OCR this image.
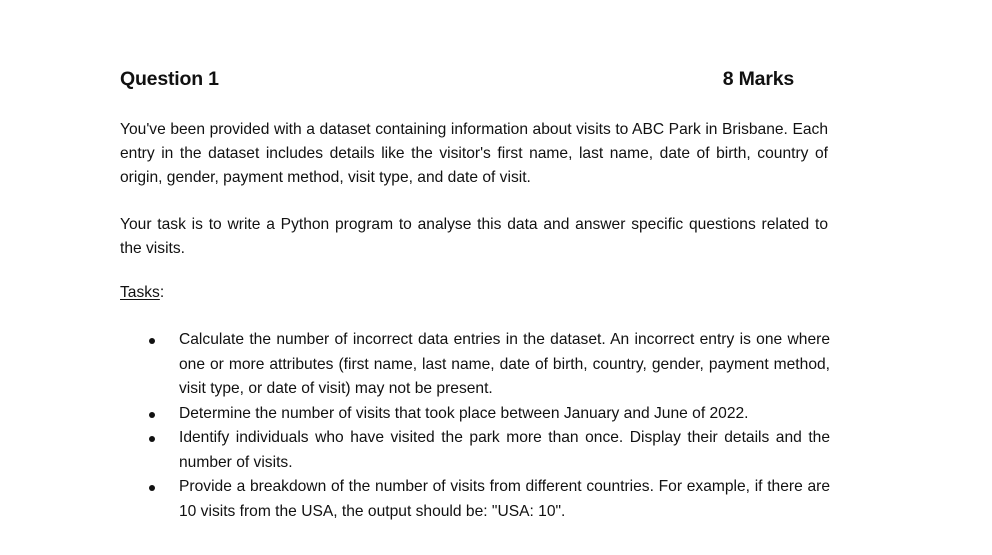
Question 1	8 Marks

You've been provided with a dataset containing information about visits to ABC Park in Brisbane. Each entry in the dataset includes details like the visitor's first name, last name, date of birth, country of origin, gender, payment method, visit type, and date of visit.

Your task is to write a Python program to analyse this data and answer specific questions related to the visits.

Tasks:
Calculate the number of incorrect data entries in the dataset. An incorrect entry is one where one or more attributes (first name, last name, date of birth, country, gender, payment method, visit type, or date of visit) may not be present.
Determine the number of visits that took place between January and June of 2022.
Identify individuals who have visited the park more than once. Display their details and the number of visits.
Provide a breakdown of the number of visits from different countries. For example, if there are 10 visits from the USA, the output should be: "USA: 10".
